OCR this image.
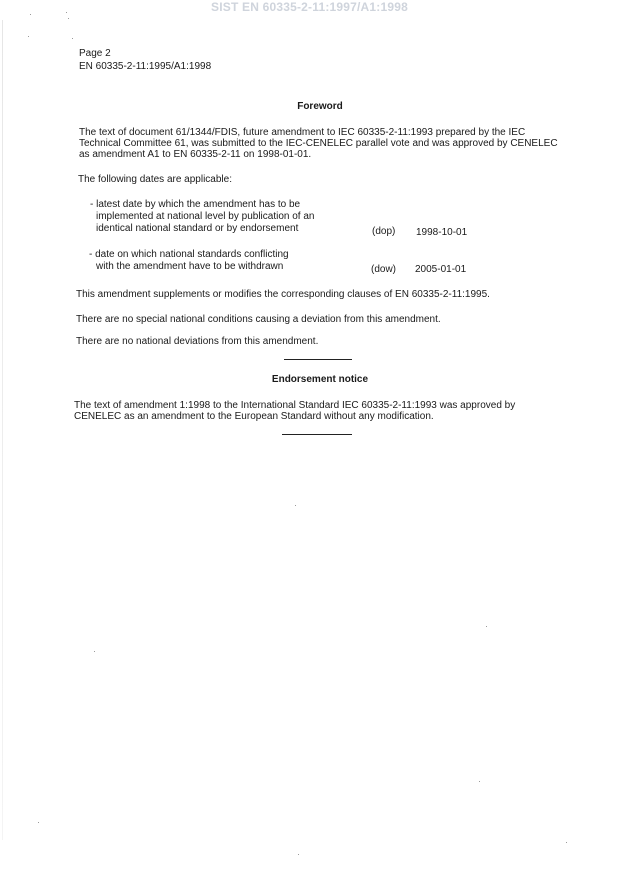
SIST EN 60335-2-11:1997/A1:1998
Page 2
EN 60335-2-11:1995/A1:1998
Foreword
The text of document 61/1344/FDIS, future amendment to IEC 60335-2-11:1993 prepared by the IEC Technical Committee 61, was submitted to the IEC-CENELEC parallel vote and was approved by CENELEC as amendment A1 to EN 60335-2-11 on 1998-01-01.
The following dates are applicable:
- latest date by which the amendment has to be
implemented at national level by publication of an
identical national standard or by endorsement	(dop) 1998-10-01
- date on which national standards conflicting
with the amendment have to be withdrawn	(dow) 2005-01-01
This amendment supplements or modifies the corresponding clauses of EN 60335-2-11:1995.
There are no special national conditions causing a deviation from this amendment.
There are no national deviations from this amendment.
Endorsement notice
The text of amendment 1:1998 to the International Standard IEC 60335-2-11:1993 was approved by CENELEC as an amendment to the European Standard without any modification.
